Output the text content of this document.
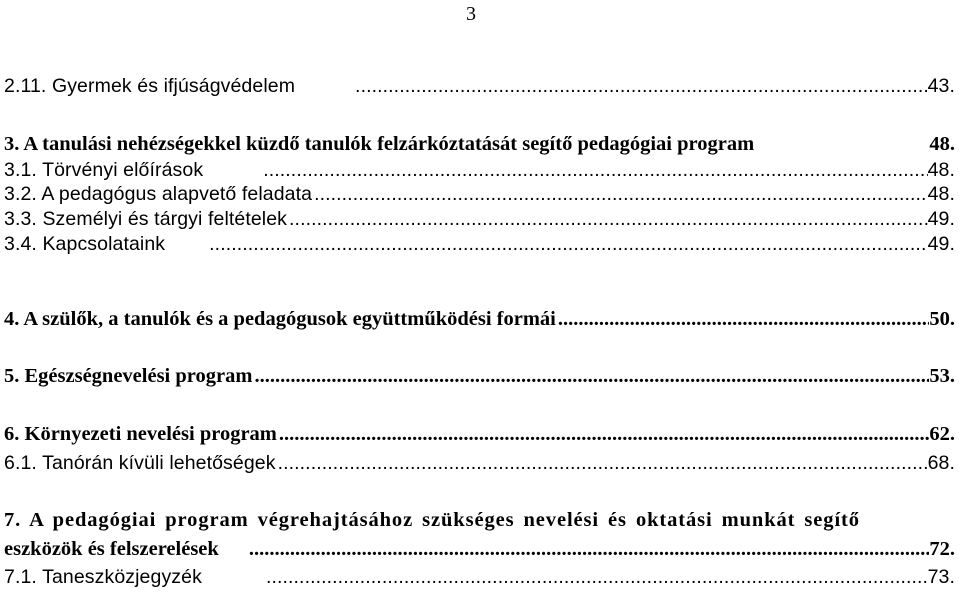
3
2.11. Gyermek és ifjúságvédelem .....	43.
3. A tanulási nehézségekkel küzdő tanulók felzárkóztatását segítő pedagógiai program	48.
3.1. Törvényi előírások .....	48.
3.2. A pedagógus alapvető feladata .....	48.
3.3. Személyi és tárgyi feltételek .....	49.
3.4. Kapcsolataink .....	49.
4. A szülők, a tanulók és a pedagógusok együttműködési formái .....	50.
5. Egészségnevelési program .....	53.
6. Környezeti nevelési program .....	62.
6.1. Tanórán kívüli lehetőségek .....	68.
7. A pedagógiai program végrehajtásához szükséges nevelési és oktatási munkát segítő
eszközök és felszerelések .....	72.
7.1. Taneszközjegyzék .....	73.
